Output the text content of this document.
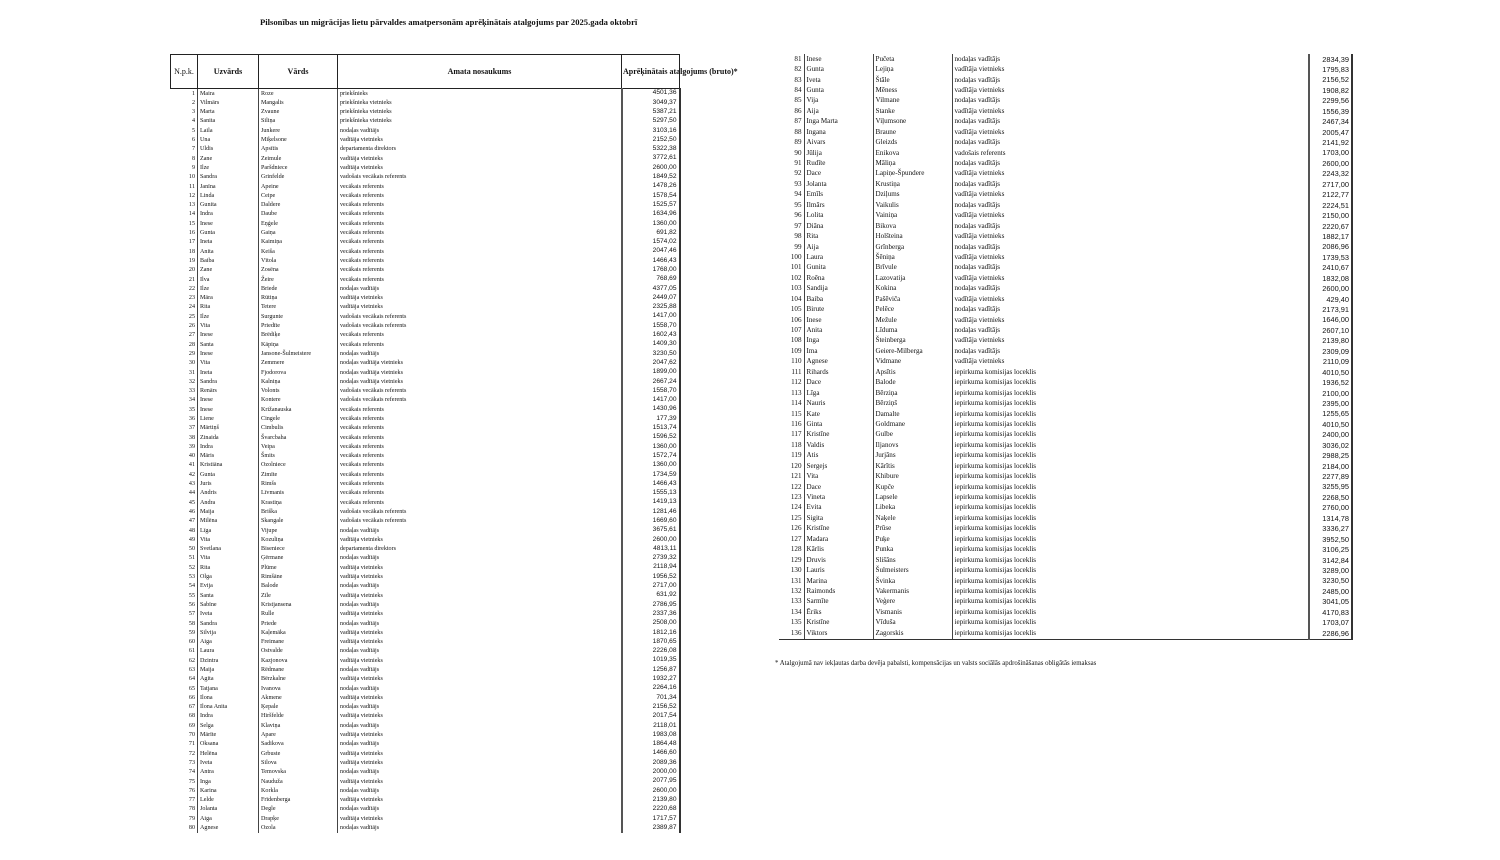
Pilsonības un migrācijas lietu pārvaldes amatpersonām aprēķinātais atalgojums par 2025.gada oktobrī
N.p.k.	Uzvārds	Vārds	Amata nosaukums	Aprēķinātais atalgojums (bruto)*
1	Maira	Roze	priekšnieks	4501,36
2	Vilmārs	Mangalis	priekšnieka vietnieks	3049,37
3	Marta	Zvaune	priekšnieka vietnieks	5387,21
4	Sanita	Siliņa	priekšnieka vietnieks	5297,50
5	Laila	Junkere	nodaļas vadītājs	3103,16
6	Una	Miķelsone	vadītāja vietnieks	2152,50
7	Uldis	Apsītis	departamenta direktors	5322,38
8	Zane	Zeimule	vadītāja vietnieks	3772,61
9	Ilze	Paršdniece	vadītāja vietnieks	2600,00
10	Sandra	Grinfelde	vadošais vecākais referents	1849,52
11	Janīna	Apeine	vecākais referents	1478,26
12	Linda	Ceipe	vecākais referents	1578,54
13	Gunita	Daldere	vecākais referents	1525,57
14	Indra	Daube	vecākais referents	1634,96
15	Inese	Eņģele	vecākais referents	1360,00
16	Gunta	Gaiņa	vecākais referents	691,82
17	Ineta	Kaimiņa	vecākais referents	1574,02
18	Anita	Keiša	vecākais referents	2047,46
19	Baiba	Vītola	vecākais referents	1466,43
20	Zane	Zosēna	vecākais referents	1768,00
21	Ilva	Žeire	vecākais referents	768,69
22	Ilze	Briede	nodaļas vadītājs	4377,05
23	Māra	Rūtiņa	vadītāja vietnieks	2449,07
24	Rita	Tetere	vadītāja vietnieks	2325,88
25	Ilze	Surgunte	vadošais vecākais referents	1417,00
26	Vita	Priedīte	vadošais vecākais referents	1558,70
27	Inese	Brēdiķe	vecākais referents	1602,43
28	Santa	Kāpiņa	vecākais referents	1409,30
29	Inese	Jansone-Šulmeistere	nodaļas vadītājs	3230,50
30	Vita	Zemmere	nodaļas vadītāja vietnieks	2047,62
31	Ineta	Fjodorova	nodaļas vadītāja vietnieks	1899,00
32	Sandra	Kalniņa	nodaļas vadītāja vietnieks	2667,24
33	Renārs	Volonts	vadošais vecākais referents	1558,70
34	Inese	Kontere	vadošais vecākais referents	1417,00
35	Inese	Križanauska	vecākais referents	1430,96
36	Liene	Cingele	vecākais referents	177,39
37	Mārtiņš	Cimbulis	vecākais referents	1513,74
38	Zinaida	Švarcbaha	vecākais referents	1596,52
39	Indra	Veipa	vecākais referents	1360,00
40	Māris	Šmits	vecākais referents	1572,74
41	Kristiāna	Ozolniece	vecākais referents	1360,00
42	Gunta	Zimīte	vecākais referents	1734,59
43	Juris	Rimšs	vecākais referents	1466,43
44	Andris	Līvmanis	vecākais referents	1555,13
45	Andra	Krastiņa	vecākais referents	1419,13
46	Maija	Briška	vadošais vecākais referents	1281,46
47	Milēna	Skangale	vadošais vecākais referents	1669,60
48	Līga	Vijupe	nodaļas vadītājs	3675,61
49	Vita	Kozuliņa	vadītāja vietnieks	2600,00
50	Svetlana	Biseniece	departamenta direktors	4813,11
51	Vita	Ģērmane	nodaļas vadītājs	2739,32
52	Rita	Plūme	vadītāja vietnieks	2118,94
53	Olga	Rimšāne	vadītāja vietnieks	1956,52
54	Evija	Balode	nodaļas vadītājs	2717,00
55	Santa	Zīle	vadītāja vietnieks	631,92
56	Sabīne	Kristjansena	nodaļas vadītājs	2786,95
57	Iveta	Rulle	vadītāja vietnieks	2337,36
58	Sandra	Priede	nodaļas vadītājs	2508,00
59	Silvija	Kaļemāka	vadītāja vietnieks	1812,16
60	Aiga	Freimane	vadītāja vietnieks	1870,65
61	Laura	Ostvalde	nodaļas vadītājs	2226,08
62	Dzintra	Kazjonova	vadītāja vietnieks	1019,35
63	Maija	Rēdmane	nodaļas vadītājs	1256,87
64	Agita	Bērzkalne	vadītāja vietnieks	1932,27
65	Tatjana	Ivanova	nodaļas vadītājs	2264,16
66	Ilona	Akmene	vadītāja vietnieks	701,34
67	Ilona Anita	Ķepale	nodaļas vadītājs	2156,52
68	Indra	Hiršfelde	vadītāja vietnieks	2017,54
69	Selga	Klaviņa	nodaļas vadītājs	2118,01
70	Mārīte	Apare	vadītāja vietnieks	1983,08
71	Oksana	Sadikova	nodaļas vadītājs	1864,48
72	Helēna	Grbuste	vadītāja vietnieks	1466,60
73	Iveta	Silova	vadītāja vietnieks	2089,36
74	Antra	Temovska	nodaļas vadītājs	2000,00
75	Inga	Nauduža	vadītāja vietnieks	2077,95
76	Karina	Korkla	nodaļas vadītājs	2600,00
77	Lelde	Frīdenberga	vadītāja vietnieks	2139,80
78	Jolanta	Degle	nodaļas vadītājs	2220,68
79	Aiga	Drapķe	vadītāja vietnieks	1717,57
80	Agnese	Ozola	nodaļas vadītājs	2389,87
81	Inese	Pučeta	nodaļas vadītājs	2834,39
82	Gunta	Lejiņa	vadītāja vietnieks	1795,83
83	Iveta	Štāle	nodaļas vadītājs	2156,52
84	Gunta	Mēness	vadītāja vietnieks	1908,82
85	Vija	Vilmane	nodaļas vadītājs	2299,56
86	Aija	Stanke	vadītāja vietnieks	1556,39
87	Inga Marta	Viļumsone	nodaļas vadītājs	2467,34
88	Ingana	Braune	vadītāja vietnieks	2005,47
89	Aivars	Gleizds	nodaļas vadītājs	2141,92
90	Jūlija	Enikova	vadošais referents	1703,00
91	Rudīte	Māliņa	nodaļas vadītājs	2600,00
92	Dace	Lapiṇe-Špundere	vadītāja vietnieks	2243,32
93	Jolanta	Krustiņa	nodaļas vadītājs	2717,00
94	Emīls	Dziļums	vadītāja vietnieks	2122,77
95	Ilmārs	Vaikulis	nodaļas vadītājs	2224,51
96	Lolita	Vainiņa	vadītāja vietnieks	2150,00
97	Diāna	Bikova	nodaļas vadītājs	2220,67
98	Rita	Holšteina	vadītāja vietnieks	1882,17
99	Aija	Grīnberga	nodaļas vadītājs	2086,96
100	Laura	Šēniņa	vadītāja vietnieks	1739,53
101	Gunita	Brīvule	nodaļas vadītājs	2410,67
102	Roēna	Lazovatija	vadītāja vietnieks	1832,08
103	Sandija	Kokina	nodaļas vadītājs	2600,00
104	Baiba	Pašēviča	vadītāja vietnieks	429,40
105	Birute	Pelēce	nodaļas vadītājs	2173,91
106	Inese	Mežule	vadītāja vietnieks	1646,00
107	Anita	Līduma	nodaļas vadītājs	2607,10
108	Inga	Šteinberga	vadītāja vietnieks	2139,80
109	Ima	Geiere-Milberga	nodaļas vadītājs	2309,09
110	Agnese	Vidmane	vadītāja vietnieks	2110,09
111	Rihards	Apsītis	iepirkuma komisijas loceklis	4010,50
112	Dace	Balode	iepirkuma komisijas loceklis	1936,52
113	Līga	Bērziņa	iepirkuma komisijas loceklis	2100,00
114	Nauris	Bērziņš	iepirkuma komisijas loceklis	2395,00
115	Kate	Damalte	iepirkuma komisijas loceklis	1255,65
116	Ginta	Goldmane	iepirkuma komisijas loceklis	4010,50
117	Kristīne	Gulbe	iepirkuma komisijas loceklis	2400,00
118	Valdis	Iljanovs	iepirkuma komisijas loceklis	3036,02
119	Atis	Jurjāns	iepirkuma komisijas loceklis	2988,25
120	Sergejs	Kārītis	iepirkuma komisijas loceklis	2184,00
121	Vita	Khibure	iepirkuma komisijas loceklis	2277,89
122	Dace	Kupče	iepirkuma komisijas loceklis	3255,95
123	Vineta	Lapsele	iepirkuma komisijas loceklis	2268,50
124	Evita	Libeka	iepirkuma komisijas loceklis	2760,00
125	Sigita	Naķele	iepirkuma komisijas loceklis	1314,78
126	Kristīne	Prūse	iepirkuma komisijas loceklis	3336,27
127	Madara	Puķe	iepirkuma komisijas loceklis	3952,50
128	Kārlis	Punka	iepirkuma komisijas loceklis	3106,25
129	Druvis	Slišāns	iepirkuma komisijas loceklis	3142,84
130	Lauris	Šulmeisters	iepirkuma komisijas loceklis	3289,00
131	Marina	Švinka	iepirkuma komisijas loceklis	3230,50
132	Raimonds	Vakermanis	iepirkuma komisijas loceklis	2485,00
133	Sarmīte	Veģere	iepirkuma komisijas loceklis	3041,05
134	Ēriks	Vismanis	iepirkuma komisijas loceklis	4170,83
135	Kristīne	Vīduša	iepirkuma komisijas loceklis	1703,07
136	Viktors	Zagorskis	iepirkuma komisijas loceklis	2286,96
* Atalgojumā nav iekļautas darba devēja pabalsti, kompensācijas un valsts sociālās apdrošināšanas obligātās iemaksas
